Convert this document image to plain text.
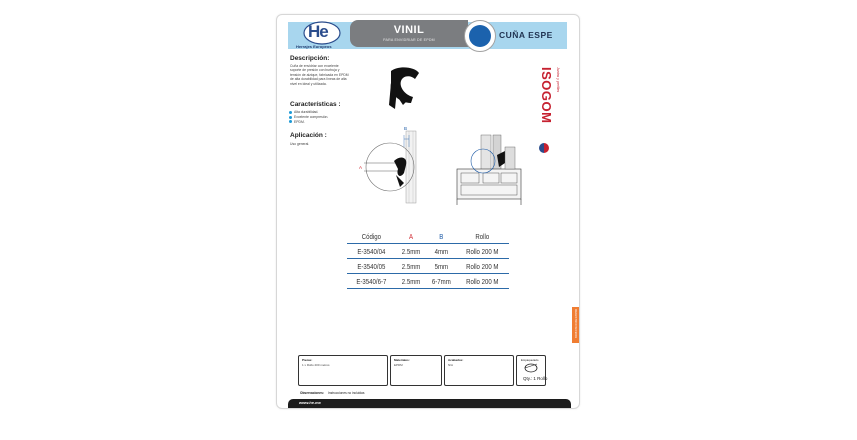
He
Herrajes Europeos
VINIL
PARA ENVIDRIAR DE EPDM	CUÑA ESPE
Descripción:
Cuña de envidriar con excelente soporte de presión con burbuja y tensión de alzique, fabricada en EPDM de alta durabilidad para líneas de alta nivel en ideal y utilizada.
Características :
Alta durabilidad.
Excelente compresión.
EPDM.
Aplicación :
Uso general.
B
A
ISOGOM Juntas y perfiles
Código	A	B	Rollo
E-3540/04	2.5mm	4mm	Rollo 200 M
E-3540/05	2.5mm	5mm	Rollo 200 M
E-3540/6-7	2.5mm	6-7mm	Rollo 200 M
REGISTRO ISO 9001
Piezas:
1 x Rollo 200 metros
Materiales:
EPDM
Acabados:
N/A
Empaquetado
Qty.: 1 Rollo
Observaciones: Instrucciones no incluidas
www.he.mx
